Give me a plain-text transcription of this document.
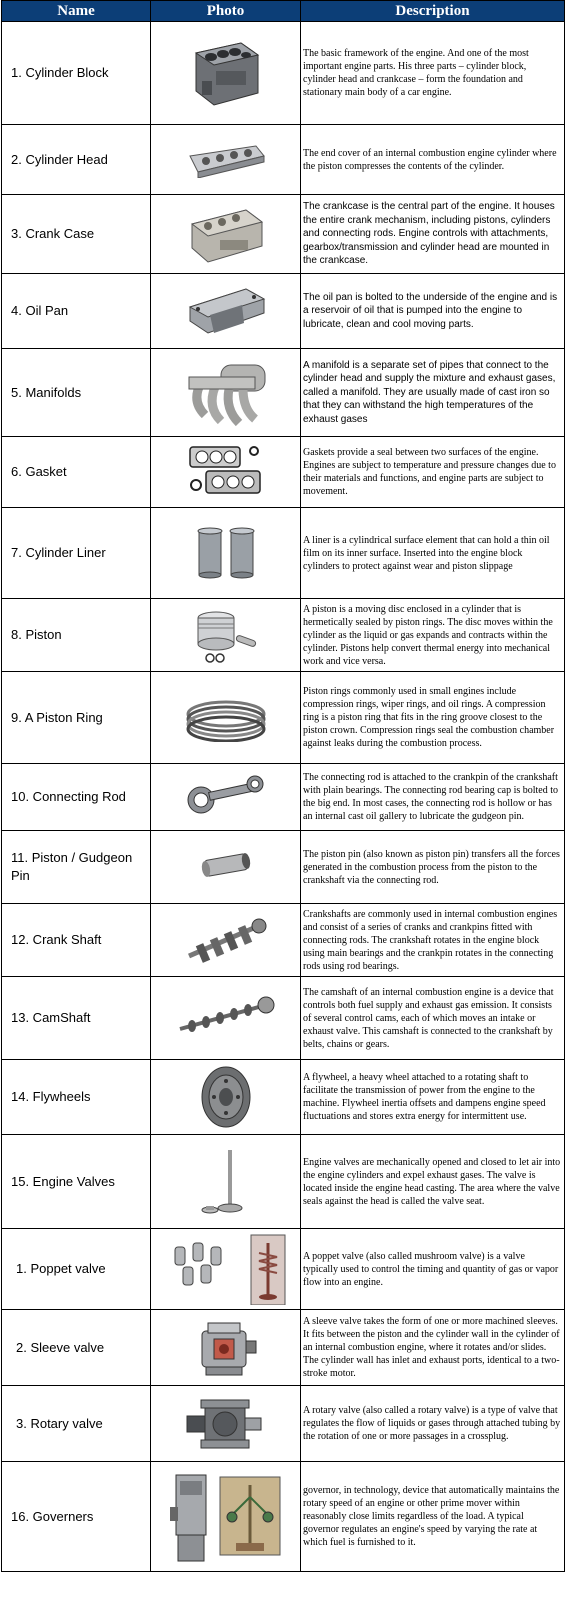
Name	Photo	Description
1. Cylinder Block		The basic framework of the engine. And one of the most important engine parts. His three parts – cylinder block, cylinder head and crankcase – form the foundation and stationary main body of a car engine.
2. Cylinder Head		The end cover of an internal combustion engine cylinder where the piston compresses the contents of the cylinder.
3. Crank Case		The crankcase is the central part of the engine. It houses the entire crank mechanism, including pistons, cylinders and connecting rods. Engine controls with attachments, gearbox/transmission and cylinder head are mounted in the crankcase.
4. Oil Pan		The oil pan is bolted to the underside of the engine and is a reservoir of oil that is pumped into the engine to lubricate, clean and cool moving parts.
5. Manifolds		A manifold is a separate set of pipes that connect to the cylinder head and supply the mixture and exhaust gases, called a manifold. They are usually made of cast iron so that they can withstand the high temperatures of the exhaust gases
6. Gasket		Gaskets provide a seal between two surfaces of the engine. Engines are subject to temperature and pressure changes due to their materials and functions, and engine parts are subject to movement.
7. Cylinder Liner		A liner is a cylindrical surface element that can hold a thin oil film on its inner surface. Inserted into the engine block cylinders to protect against wear and piston slippage
8. Piston		A piston is a moving disc enclosed in a cylinder that is hermetically sealed by piston rings. The disc moves within the cylinder as the liquid or gas expands and contracts within the cylinder. Pistons help convert thermal energy into mechanical work and vice versa.
9. A Piston Ring		Piston rings commonly used in small engines include compression rings, wiper rings, and oil rings. A compression ring is a piston ring that fits in the ring groove closest to the piston crown. Compression rings seal the combustion chamber against leaks during the combustion process.
10. Connecting Rod		The connecting rod is attached to the crankpin of the crankshaft with plain bearings. The connecting rod bearing cap is bolted to the big end. In most cases, the connecting rod is hollow or has an internal cast oil gallery to lubricate the gudgeon pin.
11. Piston / Gudgeon Pin		The piston pin (also known as piston pin) transfers all the forces generated in the combustion process from the piston to the crankshaft via the connecting rod.
12. Crank Shaft		Crankshafts are commonly used in internal combustion engines and consist of a series of cranks and crankpins fitted with connecting rods. The crankshaft rotates in the engine block using main bearings and the crankpin rotates in the connecting rods using rod bearings.
13. CamShaft		The camshaft of an internal combustion engine is a device that controls both fuel supply and exhaust gas emission. It consists of several control cams, each of which moves an intake or exhaust valve. This camshaft is connected to the crankshaft by belts, chains or gears.
14. Flywheels		A flywheel, a heavy wheel attached to a rotating shaft to facilitate the transmission of power from the engine to the machine. Flywheel inertia offsets and dampens engine speed fluctuations and stores extra energy for intermittent use.
15. Engine Valves		Engine valves are mechanically opened and closed to let air into the engine cylinders and expel exhaust gases. The valve is located inside the engine head casting. The area where the valve seals against the head is called the valve seat.
1. Poppet valve		A poppet valve (also called mushroom valve) is a valve typically used to control the timing and quantity of gas or vapor flow into an engine.
2. Sleeve valve		A sleeve valve takes the form of one or more machined sleeves. It fits between the piston and the cylinder wall in the cylinder of an internal combustion engine, where it rotates and/or slides. The cylinder wall has inlet and exhaust ports, identical to a two-stroke motor.
3. Rotary valve		A rotary valve (also called a rotary valve) is a type of valve that regulates the flow of liquids or gases through attached tubing by the rotation of one or more passages in a crossplug.
16. Governers		governor, in technology, device that automatically maintains the rotary speed of an engine or other prime mover within reasonably close limits regardless of the load. A typical governor regulates an engine's speed by varying the rate at which fuel is furnished to it.
